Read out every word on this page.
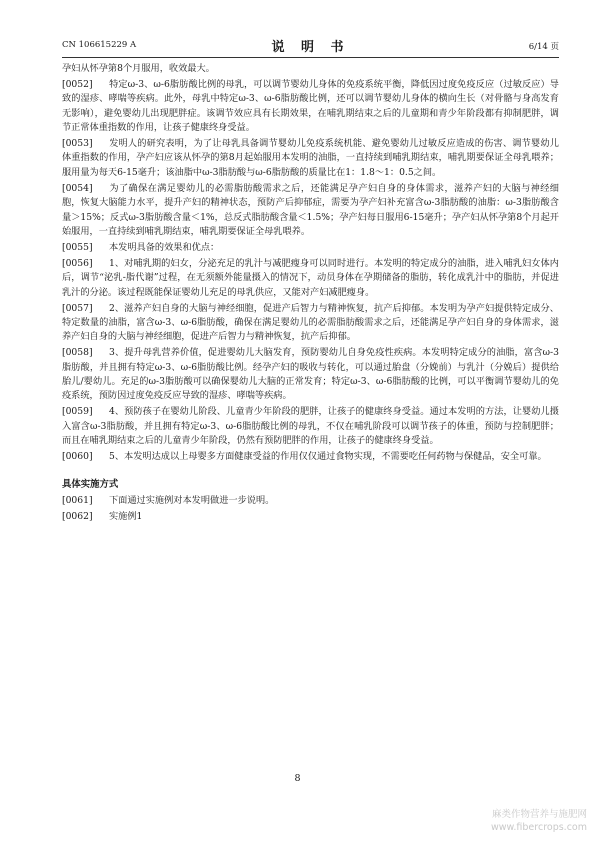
CN 106615229 A	说 明 书	6/14 页

孕妇从怀孕第8个月服用，收效最大。

[0052] 特定ω-3、ω-6脂肪酸比例的母乳，可以调节婴幼儿身体的免疫系统平衡，降低因过度免疫反应（过敏反应）导致的湿疹、哮喘等疾病。此外，母乳中特定ω-3、ω-6脂肪酸比例，还可以调节婴幼儿身体的横向生长（对骨骼与身高发育无影响），避免婴幼儿出现肥胖症。该调节效应具有长期效果，在哺乳期结束之后的儿童期和青少年阶段都有抑制肥胖，调节正常体重指数的作用，让孩子健康终身受益。

[0053] 发明人的研究表明，为了让母乳具备调节婴幼儿免疫系统机能、避免婴幼儿过敏反应造成的伤害、调节婴幼儿体重指数的作用，孕产妇应该从怀孕的第8月起始服用本发明的油脂，一直持续到哺乳期结束，哺乳期要保证全母乳喂养；服用量为每天6-15毫升；该油脂中ω-3脂肪酸与ω-6脂肪酸的质量比在1：1.8～1：0.5之间。

[0054] 为了确保在满足婴幼儿的必需脂肪酸需求之后，还能满足孕产妇自身的身体需求，滋养产妇的大脑与神经细胞，恢复大脑能力水平，提升产妇的精神状态，预防产后抑郁症，需要为孕产妇补充富含ω-3脂肪酸的油脂：ω-3脂肪酸含量＞15%；反式ω-3脂肪酸含量＜1%，总反式脂肪酸含量＜1.5%；孕产妇每日服用6-15毫升；孕产妇从怀孕第8个月起开始服用，一直持续到哺乳期结束，哺乳期要保证全母乳喂养。

[0055] 本发明具备的效果和优点：

[0056] 1、对哺乳期的妇女，分泌充足的乳汁与减肥瘦身可以同时进行。本发明的特定成分的油脂，进入哺乳妇女体内后，调节“泌乳-脂代谢”过程，在无须额外能量摄入的情况下，动员身体在孕期储备的脂肪，转化成乳汁中的脂肪，并促进乳汁的分泌。该过程既能保证婴幼儿充足的母乳供应，又能对产妇减肥瘦身。

[0057] 2、滋养产妇自身的大脑与神经细胞，促进产后智力与精神恢复，抗产后抑郁。本发明为孕产妇提供特定成分、特定数量的油脂，富含ω-3、ω-6脂肪酸，确保在满足婴幼儿的必需脂肪酸需求之后，还能满足孕产妇自身的身体需求，滋养产妇自身的大脑与神经细胞，促进产后智力与精神恢复，抗产后抑郁。

[0058] 3、提升母乳营养价值，促进婴幼儿大脑发育，预防婴幼儿自身免疫性疾病。本发明特定成分的油脂，富含ω-3脂肪酸，并且拥有特定ω-3、ω-6脂肪酸比例。经孕产妇的吸收与转化，可以通过胎盘（分娩前）与乳汁（分娩后）提供给胎儿/婴幼儿。充足的ω-3脂肪酸可以确保婴幼儿大脑的正常发育；特定ω-3、ω-6脂肪酸的比例，可以平衡调节婴幼儿的免疫系统，预防因过度免疫反应导致的湿疹、哮喘等疾病。

[0059] 4、预防孩子在婴幼儿阶段、儿童青少年阶段的肥胖，让孩子的健康终身受益。通过本发明的方法，让婴幼儿摄入富含ω-3脂肪酸，并且拥有特定ω-3、ω-6脂肪酸比例的母乳，不仅在哺乳阶段可以调节孩子的体重，预防与控制肥胖；而且在哺乳期结束之后的儿童青少年阶段，仍然有预防肥胖的作用，让孩子的健康终身受益。

[0060] 5、本发明达成以上母婴多方面健康受益的作用仅仅通过食物实现，不需要吃任何药物与保健品，安全可靠。

具体实施方式

[0061] 下面通过实施例对本发明做进一步说明。

[0062] 实施例1

8
麻类作物营养与施肥网
www.fibercrops.com
